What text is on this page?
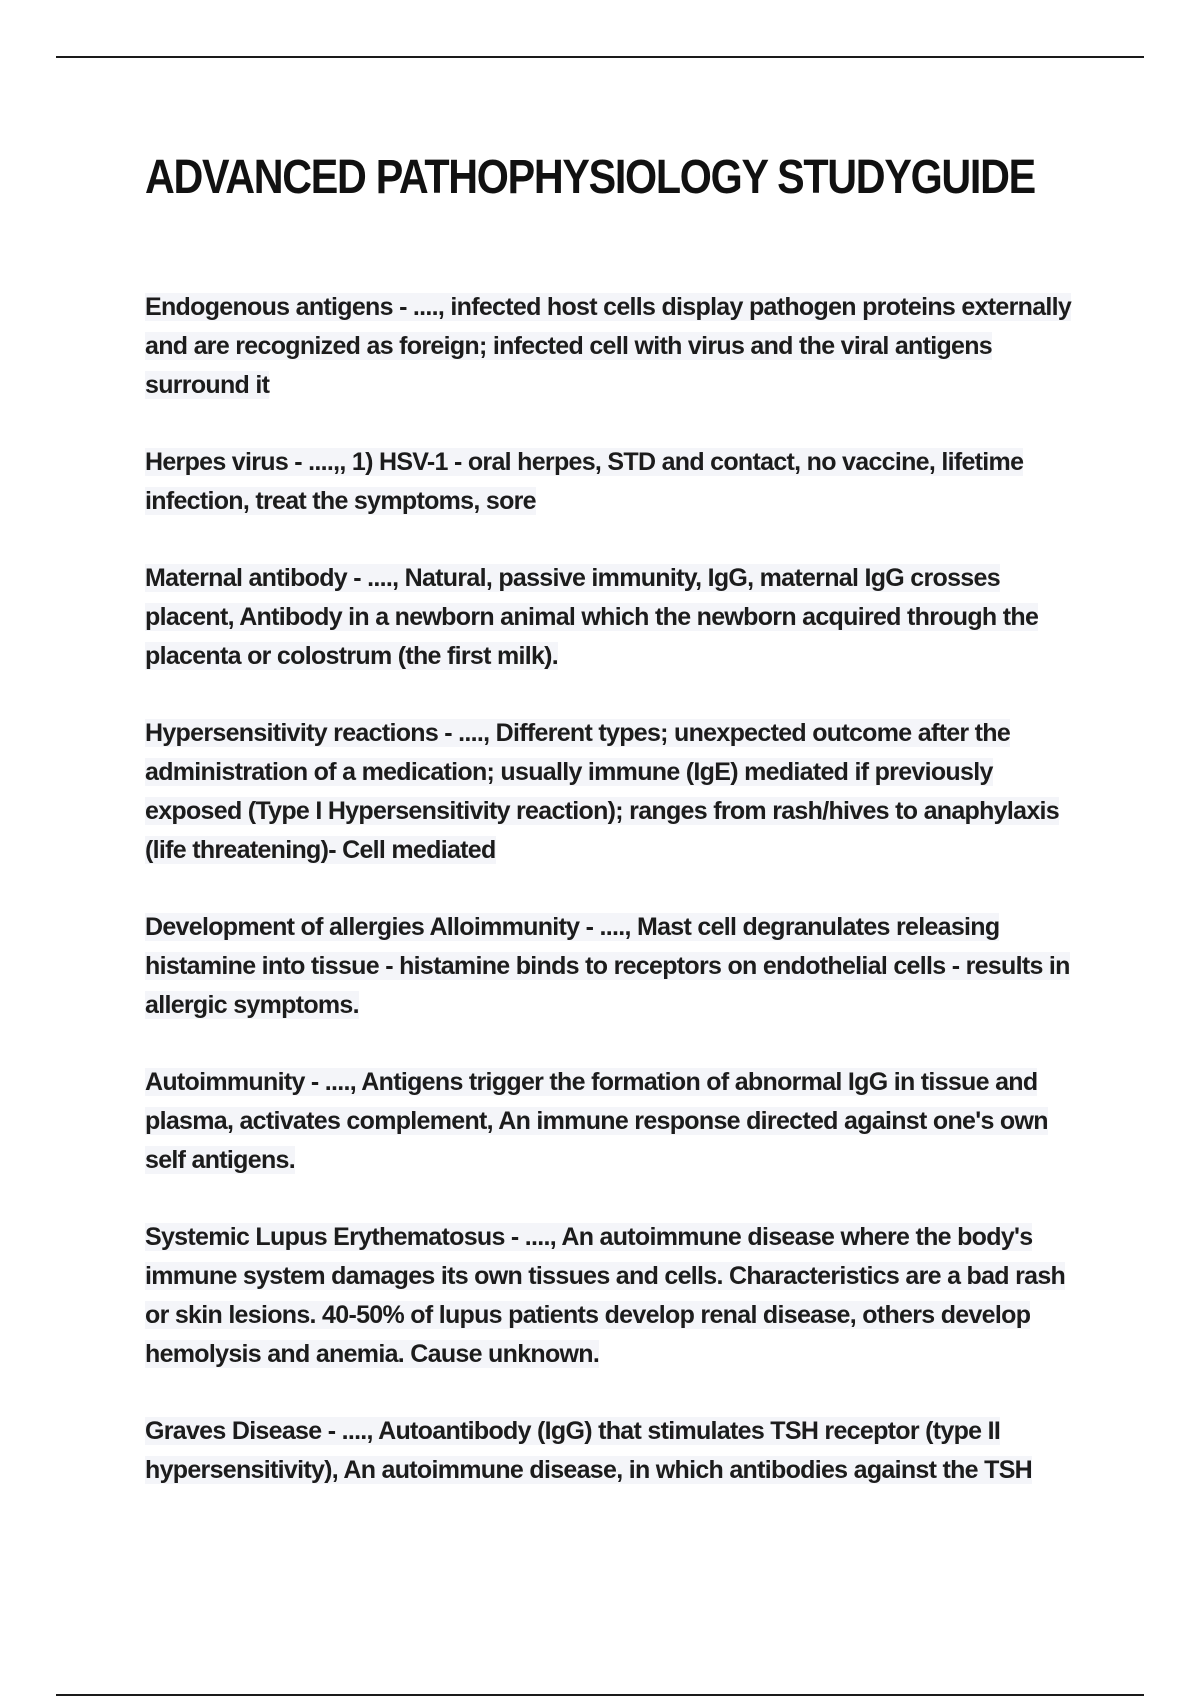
ADVANCED PATHOPHYSIOLOGY STUDYGUIDE

Endogenous antigens - ...., infected host cells display pathogen proteins externally and are recognized as foreign; infected cell with virus and the viral antigens surround it

Herpes virus - ....,, 1) HSV-1 - oral herpes, STD and contact, no vaccine, lifetime infection, treat the symptoms, sore

Maternal antibody - ...., Natural, passive immunity, IgG, maternal IgG crosses placent, Antibody in a newborn animal which the newborn acquired through the placenta or colostrum (the first milk).

Hypersensitivity reactions - ...., Different types; unexpected outcome after the administration of a medication; usually immune (IgE) mediated if previously exposed (Type I Hypersensitivity reaction); ranges from rash/hives to anaphylaxis (life threatening)- Cell mediated

Development of allergies Alloimmunity - ...., Mast cell degranulates releasing histamine into tissue - histamine binds to receptors on endothelial cells - results in allergic symptoms.

Autoimmunity - ...., Antigens trigger the formation of abnormal IgG in tissue and plasma, activates complement, An immune response directed against one's own self antigens.

Systemic Lupus Erythematosus - ...., An autoimmune disease where the body's immune system damages its own tissues and cells. Characteristics are a bad rash or skin lesions. 40-50% of lupus patients develop renal disease, others develop hemolysis and anemia. Cause unknown.

Graves Disease - ...., Autoantibody (IgG) that stimulates TSH receptor (type II hypersensitivity), An autoimmune disease, in which antibodies against the TSH
